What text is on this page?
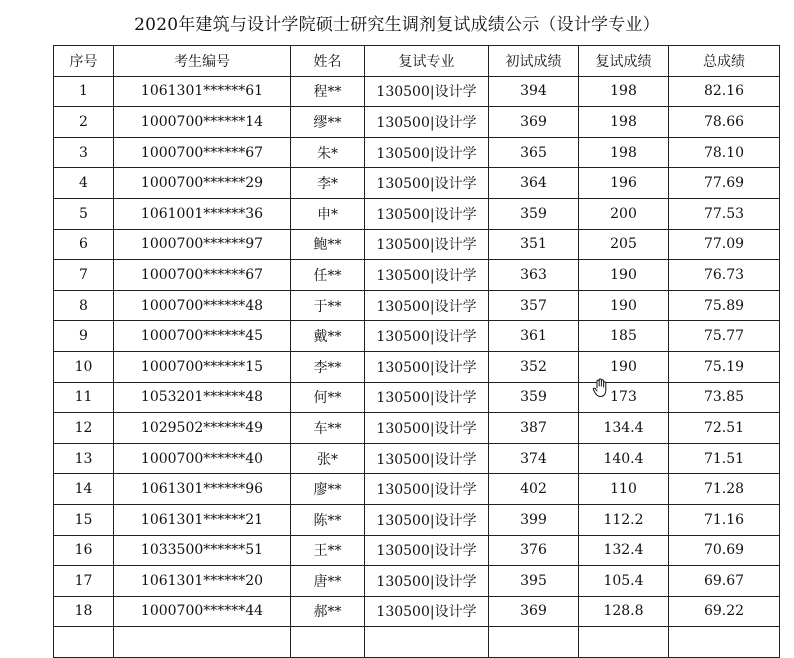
2020年建筑与设计学院硕士研究生调剂复试成绩公示（设计学专业）
序号	考生编号	姓名	复试专业	初试成绩	复试成绩	总成绩
1	1061301******61	程**	130500|设计学	394	198	82.16
2	1000700******14	缪**	130500|设计学	369	198	78.66
3	1000700******67	朱*	130500|设计学	365	198	78.10
4	1000700******29	李*	130500|设计学	364	196	77.69
5	1061001******36	申*	130500|设计学	359	200	77.53
6	1000700******97	鲍**	130500|设计学	351	205	77.09
7	1000700******67	任**	130500|设计学	363	190	76.73
8	1000700******48	于**	130500|设计学	357	190	75.89
9	1000700******45	戴**	130500|设计学	361	185	75.77
10	1000700******15	李**	130500|设计学	352	190	75.19
11	1053201******48	何**	130500|设计学	359	173	73.85
12	1029502******49	车**	130500|设计学	387	134.4	72.51
13	1000700******40	张*	130500|设计学	374	140.4	71.51
14	1061301******96	廖**	130500|设计学	402	110	71.28
15	1061301******21	陈**	130500|设计学	399	112.2	71.16
16	1033500******51	王**	130500|设计学	376	132.4	70.69
17	1061301******20	唐**	130500|设计学	395	105.4	69.67
18	1000700******44	郝**	130500|设计学	369	128.8	69.22
